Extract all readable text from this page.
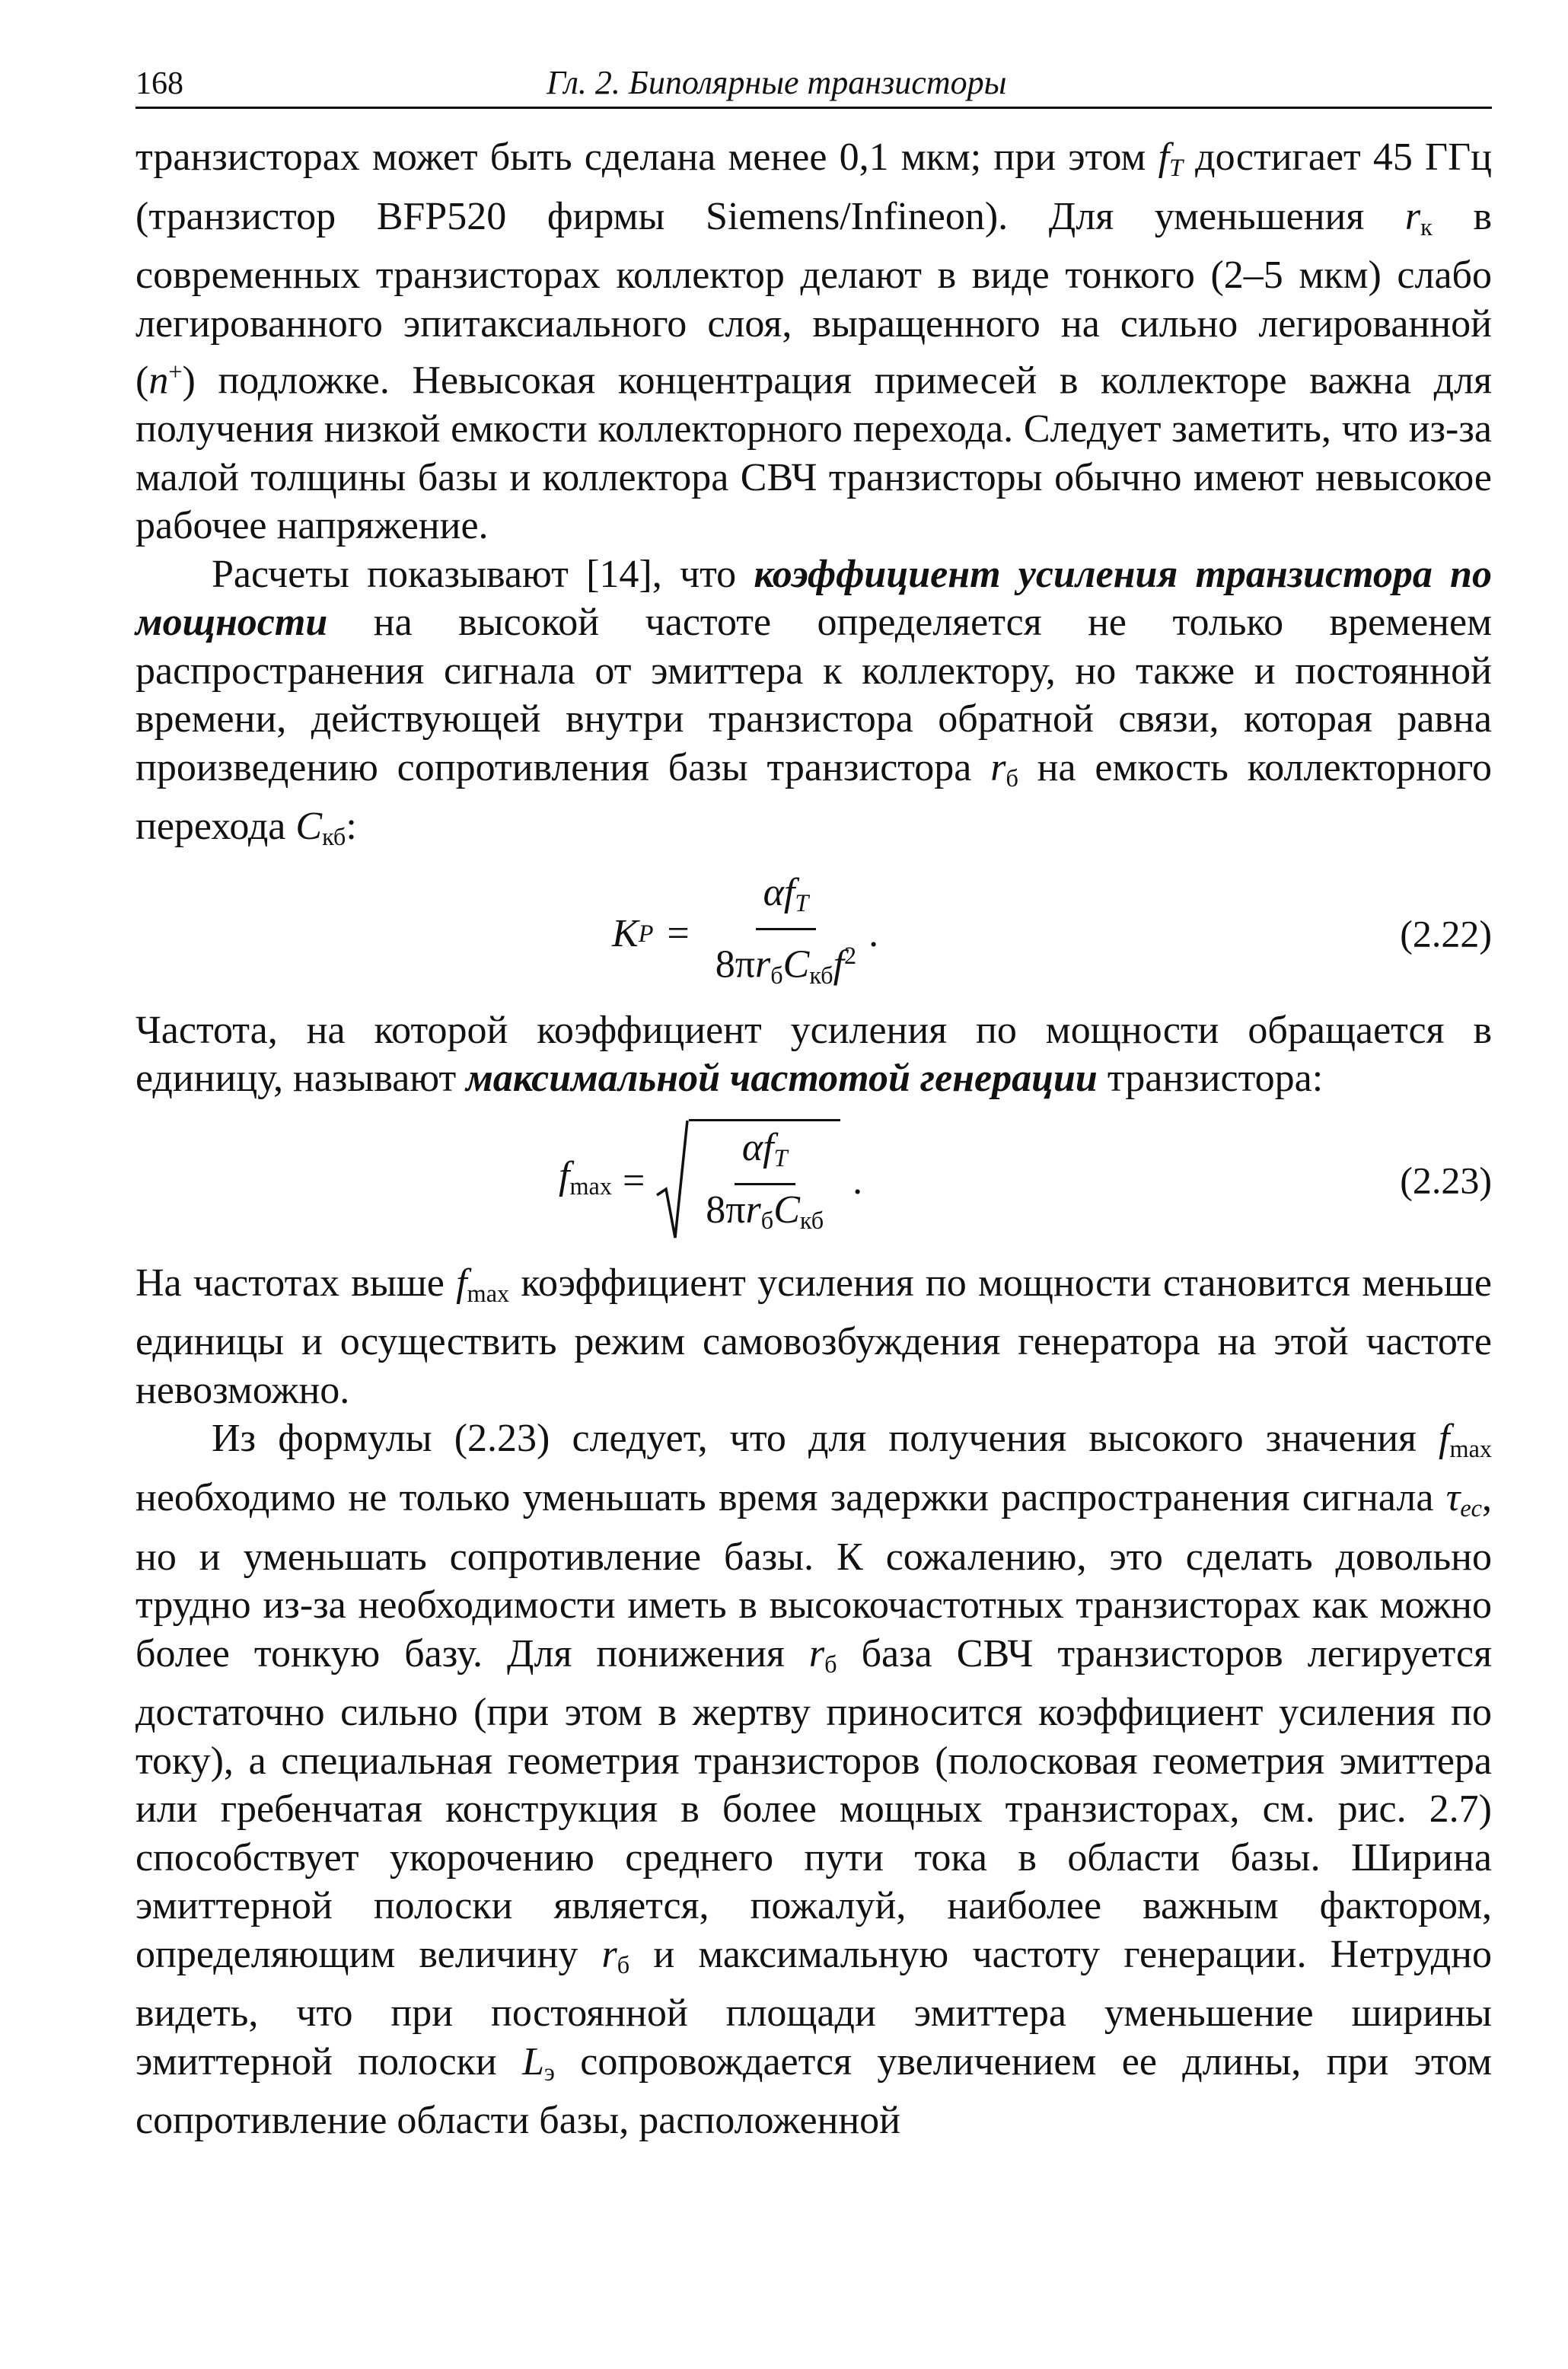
168	Гл. 2. Биполярные транзисторы

транзисторах может быть сделана менее 0,1 мкм; при этом $f_T$ достигает 45 ГГц (транзистор BFP520 фирмы Siemens/Infineon). Для уменьшения $r_к$ в современных транзисторах коллектор делают в виде тонкого (2–5 мкм) слабо легированного эпитаксиального слоя, выращенного на сильно легированной (n+) подложке. Невысокая концентрация примесей в коллекторе важна для получения низкой емкости коллекторного перехода. Следует заметить, что из-за малой толщины базы и коллектора СВЧ транзисторы обычно имеют невысокое рабочее напряжение.

Расчеты показывают [14], что коэффициент усиления транзистора по мощности на высокой частоте определяется не только временем распространения сигнала от эмиттера к коллектору, но также и постоянной времени, действующей внутри транзистора обратной связи, которая равна произведению сопротивления базы транзистора $r_б$ на емкость коллекторного перехода $C_{кб}$:

K $P = \frac{\alpha f_T}{8\pi r_бC_{кб}f^2}$ .	(2.22)

Частота, на которой коэффициент усиления по мощности обращается в единицу, называют максимальной частотой генерации транзистора:

$f_{max} = \frac{\alpha f_T}{8\pi r_бC_{кб}}$ .	(2.23)

На частотах выше $f_{max}$ коэффициент усиления по мощности становится меньше единицы и осуществить режим самовозбуждения генератора на этой частоте невозможно.

Из формулы (2.23) следует, что для получения высокого значения $f_{max}$ необходимо не только уменьшать время задержки распространения сигнала $\tau_{ec}$, но и уменьшать сопротивление базы. К сожалению, это сделать довольно трудно из-за необходимости иметь в высокочастотных транзисторах как можно более тонкую базу. Для понижения $r_б$ база СВЧ транзисторов легируется достаточно сильно (при этом в жертву приносится коэффициент усиления по току), а специальная геометрия транзисторов (полосковая геометрия эмиттера или гребенчатая конструкция в более мощных транзисторах, см. рис. 2.7) способствует укорочению среднего пути тока в области базы. Ширина эмиттерной полоски является, пожалуй, наиболее важным фактором, определяющим величину $r_б$ и максимальную частоту генерации. Нетрудно видеть, что при постоянной площади эмиттера уменьшение ширины эмиттерной полоски $L_э$ сопровождается увеличением ее длины, при этом сопротивление области базы, расположенной
